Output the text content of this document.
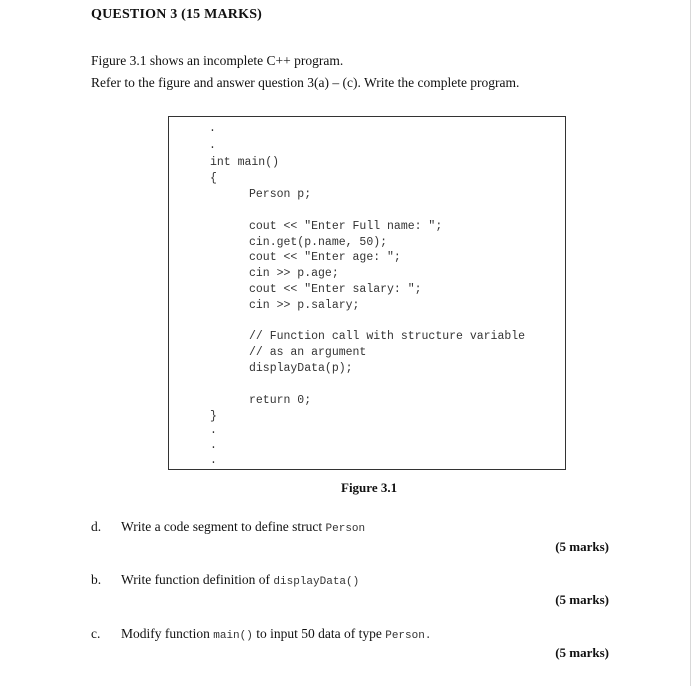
QUESTION 3 (15 MARKS)
Figure 3.1 shows an incomplete C++ program.
Refer to the figure and answer question 3(a) – (c). Write the complete program.
.
.
int main()
{
Person p;
cout << "Enter Full name: ";
cin.get(p.name, 50);
cout << "Enter age: ";
cin >> p.age;
cout << "Enter salary: ";
cin >> p.salary;
// Function call with structure variable
// as an argument
displayData(p);
return 0;
}
.
.
.
Figure 3.1
d. Write a code segment to define struct Person
(5 marks)
b. Write function definition of displayData()
(5 marks)
c. Modify function main() to input 50 data of type Person.
(5 marks)
